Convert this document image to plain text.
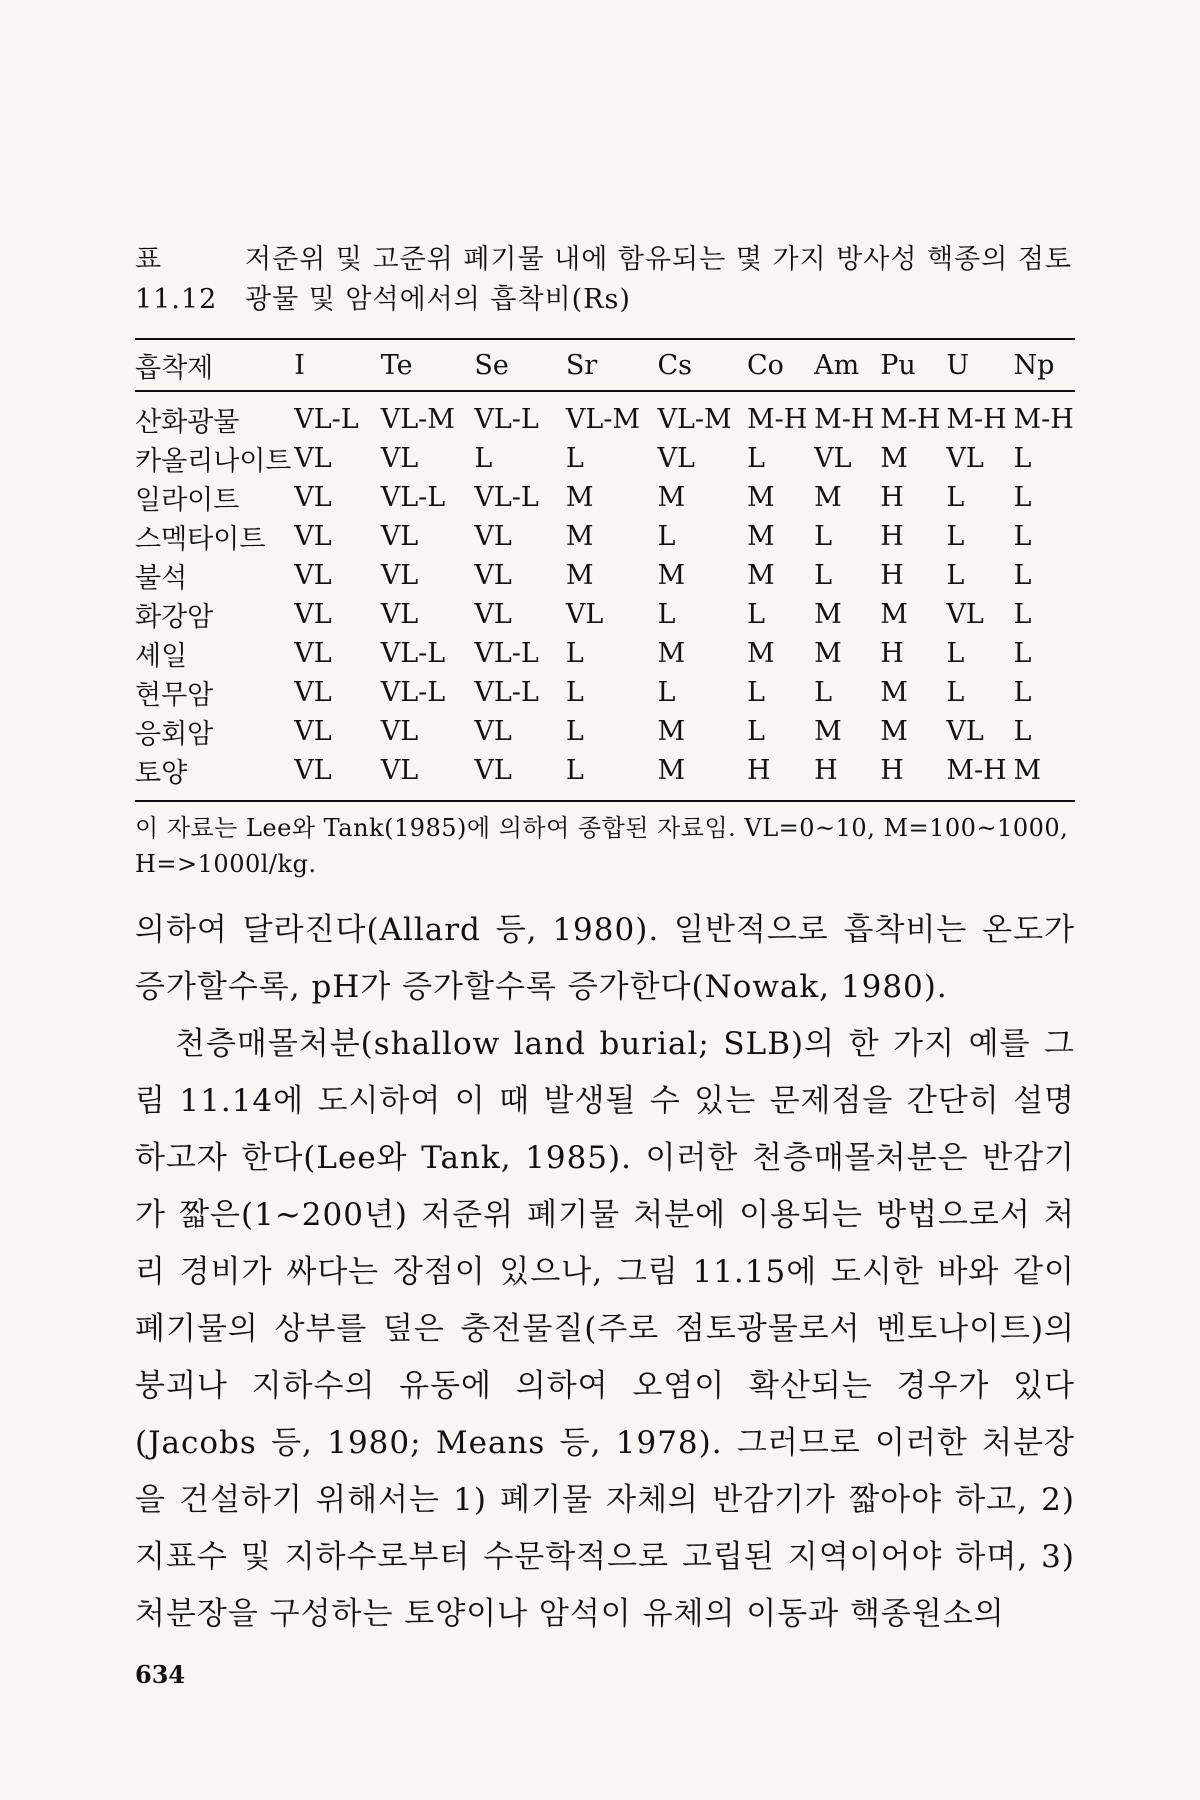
표 11.12
저준위 및 고준위 폐기물 내에 함유되는 몇 가지 방사성 핵종의 점토광물 및 암석에서의 흡착비(Rs)
흡착제	I	Te	Se	Sr	Cs	Co	Am	Pu	U	Np
산화광물	VL-L	VL-M	VL-L	VL-M	VL-M	M-H	M-H	M-H	M-H	M-H
카올리나이트	VL	VL	L	L	VL	L	VL	M	VL	L
일라이트	VL	VL-L	VL-L	M	M	M	M	H	L	L
스멕타이트	VL	VL	VL	M	L	M	L	H	L	L
불석	VL	VL	VL	M	M	M	L	H	L	L
화강암	VL	VL	VL	VL	L	L	M	M	VL	L
셰일	VL	VL-L	VL-L	L	M	M	M	H	L	L
현무암	VL	VL-L	VL-L	L	L	L	L	M	L	L
응회암	VL	VL	VL	L	M	L	M	M	VL	L
토양	VL	VL	VL	L	M	H	H	H	M-H	M
이 자료는 Lee와 Tank(1985)에 의하여 종합된 자료임. VL=0~10, M=100~1000, H=>1000l/kg.

의하여 달라진다(Allard 등, 1980). 일반적으로 흡착비는 온도가 증가할수록, pH가 증가할수록 증가한다(Nowak, 1980).

천층매몰처분(shallow land burial; SLB)의 한 가지 예를 그림 11.14에 도시하여 이 때 발생될 수 있는 문제점을 간단히 설명하고자 한다(Lee와 Tank, 1985). 이러한 천층매몰처분은 반감기가 짧은(1~200년) 저준위 폐기물 처분에 이용되는 방법으로서 처리 경비가 싸다는 장점이 있으나, 그림 11.15에 도시한 바와 같이 폐기물의 상부를 덮은 충전물질(주로 점토광물로서 벤토나이트)의 붕괴나 지하수의 유동에 의하여 오염이 확산되는 경우가 있다(Jacobs 등, 1980; Means 등, 1978). 그러므로 이러한 처분장을 건설하기 위해서는 1) 폐기물 자체의 반감기가 짧아야 하고, 2) 지표수 및 지하수로부터 수문학적으로 고립된 지역이어야 하며, 3) 처분장을 구성하는 토양이나 암석이 유체의 이동과 핵종원소의

634
